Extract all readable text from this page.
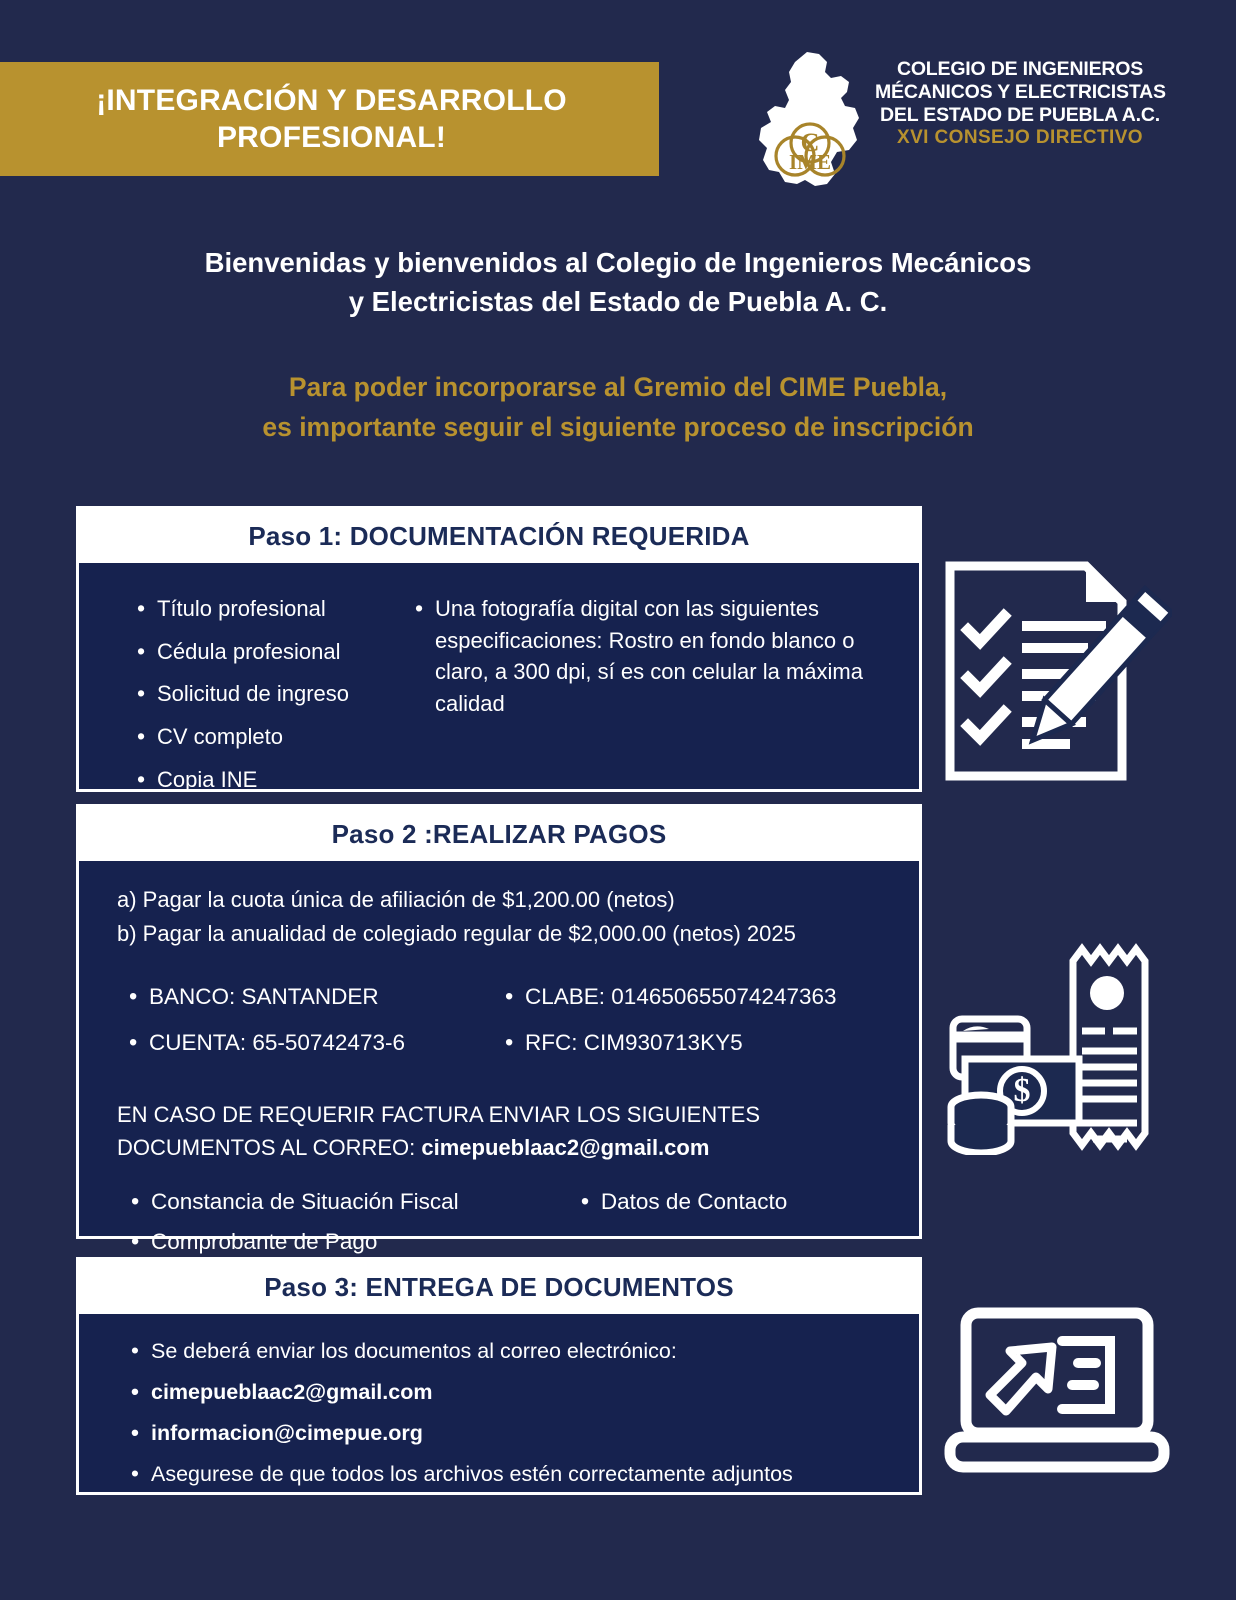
¡INTEGRACIÓN Y DESARROLLO
PROFESIONAL!	C
IME
COLEGIO DE INGENIEROS
MÉCANICOS Y ELECTRICISTAS
DEL ESTADO DE PUEBLA A.C.
XVI CONSEJO DIRECTIVO
Bienvenidas y bienvenidos al Colegio de Ingenieros Mecánicos
y Electricistas del Estado de Puebla A. C.
Para poder incorporarse al Gremio del CIME Puebla,
es importante seguir el siguiente proceso de inscripción
Paso 1: DOCUMENTACIÓN REQUERIDA
• Título profesional
• Cédula profesional
• Solicitud de ingreso
• CV completo
• Copia INE
• Una fotografía digital con las siguientes especificaciones: Rostro en fondo blanco o claro, a 300 dpi, sí es con celular la máxima calidad
Paso 2 :REALIZAR PAGOS
a) Pagar la cuota única de afiliación de $1,200.00 (netos)
b) Pagar la anualidad de colegiado regular de $2,000.00 (netos) 2025
• BANCO: SANTANDER
• CUENTA: 65-50742473-6
• CLABE: 014650655074247363
• RFC: CIM930713KY5
EN CASO DE REQUERIR FACTURA ENVIAR LOS SIGUIENTES
DOCUMENTOS AL CORREO: cimepueblaac2@gmail.com
• Constancia de Situación Fiscal
• Comprobante de Pago
• Datos de Contacto
Paso 3: ENTREGA DE DOCUMENTOS
• Se deberá enviar los documentos al correo electrónico:
• cimepueblaac2@gmail.com
• informacion@cimepue.org
• Asegurese de que todos los archivos estén correctamente adjuntos
$
